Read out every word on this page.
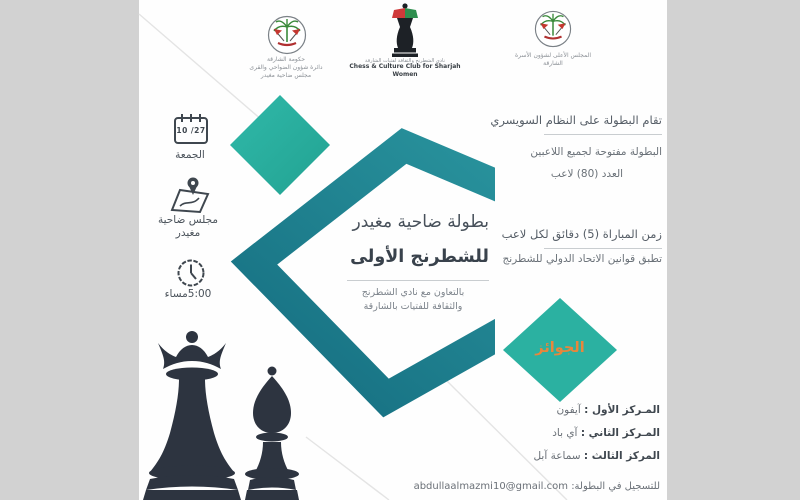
حكومة الشارقة
دائرة شؤون الضواحي والقرى
مجلس ضاحية مغيدر
نادي الشطرنج والثقافة لفتيات الشارقة
Chess & Culture Club for Sharjah Women
المجلس الأعلى لشؤون الأسرة
الشارقة
10 /27
الجمعة
مجلس ضاحية
مغيدر
5:00مساء
بطولة ضاحية مغيدر
للشطرنج الأولى
بالتعاون مع نادي الشطرنج
والثقافة للفتيات بالشارقة
تقام البطولة على النظام السويسري
البطولة مفتوحة لجميع اللاعبين
العدد (80) لاعب
زمن المباراة (5) دقائق لكل لاعب
تطبق قوانين الاتحاد الدولي للشطرنج
الجوائز
المـركز الأول : آيفون
المـركز الثاني : آي باد
المركز الثالث : سماعة آبل
للتسجيل في البطولة: abdullaalmazmi10@gmail.com
